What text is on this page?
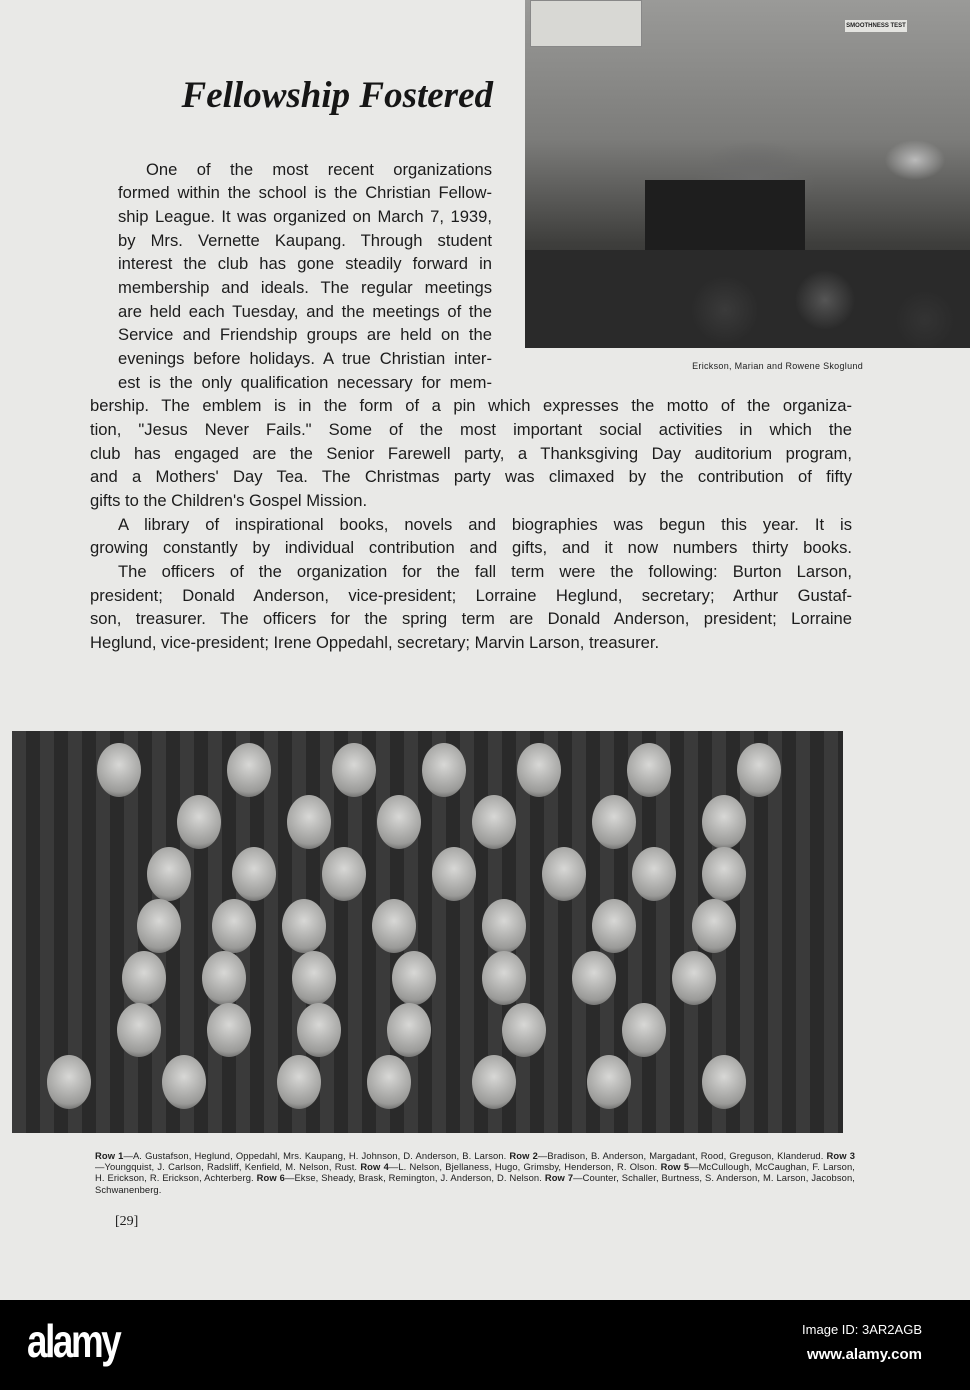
Fellowship Fostered
SMOOTHNESS TEST
Erickson, Marian and Rowene Skoglund
One of the most recent organizations
formed within the school is the Christian Fellow-
ship League. It was organized on March 7, 1939,
by Mrs. Vernette Kaupang. Through student
interest the club has gone steadily forward in
membership and ideals. The regular meetings
are held each Tuesday, and the meetings of the
Service and Friendship groups are held on the
evenings before holidays. A true Christian inter-
est is the only qualification necessary for mem-
bership. The emblem is in the form of a pin which expresses the motto of the organiza-
tion, "Jesus Never Fails." Some of the most important social activities in which the
club has engaged are the Senior Farewell party, a Thanksgiving Day auditorium program,
and a Mothers' Day Tea. The Christmas party was climaxed by the contribution of fifty
gifts to the Children's Gospel Mission.
A library of inspirational books, novels and biographies was begun this year. It is
growing constantly by individual contribution and gifts, and it now numbers thirty books.
The officers of the organization for the fall term were the following: Burton Larson,
president; Donald Anderson, vice-president; Lorraine Heglund, secretary; Arthur Gustaf-
son, treasurer. The officers for the spring term are Donald Anderson, president; Lorraine
Heglund, vice-president; Irene Oppedahl, secretary; Marvin Larson, treasurer.
Row 1—A. Gustafson, Heglund, Oppedahl, Mrs. Kaupang, H. Johnson, D. Anderson, B. Larson. Row 2—Bradison, B. Anderson, Margadant, Rood, Greguson, Klanderud. Row 3—Youngquist, J. Carlson, Radsliff, Kenfield, M. Nelson, Rust. Row 4—L. Nelson, Bjellaness, Hugo, Grimsby, Henderson, R. Olson. Row 5—McCullough, McCaughan, F. Larson, H. Erickson, R. Erickson, Achterberg. Row 6—Ekse, Sheady, Brask, Remington, J. Anderson, D. Nelson. Row 7—Counter, Schaller, Burtness, S. Anderson, M. Larson, Jacobson, Schwanenberg.
[29]
alamy	Image ID: 3AR2AGB
www.alamy.com
